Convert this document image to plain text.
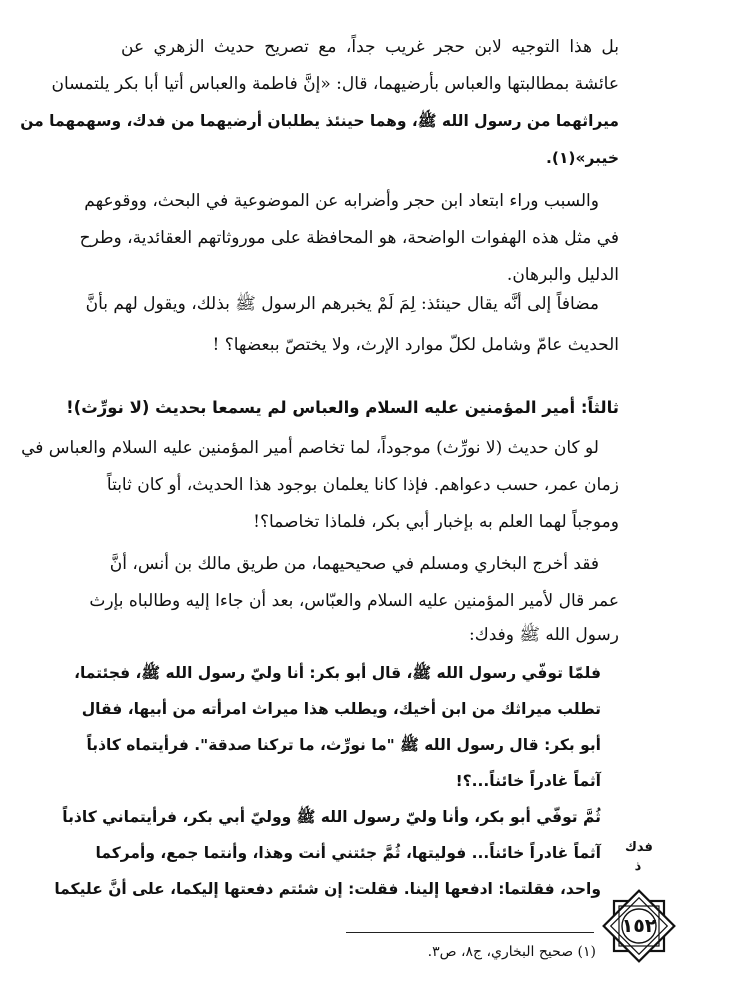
بل هذا التوجيه لابن حجر غريب جداً، مع تصريح حديث الزهري عن
عائشة بمطالبتها والعباس بأرضيهما، قال: «إنَّ فاطمة والعباس أتيا أبا بكر يلتمسان
ميراثهما من رسول الله ﷺ، وهما حينئذ يطلبان أرضيهما من فدك، وسهمهما من
خيبر»(١).
والسبب وراء ابتعاد ابن حجر وأضرابه عن الموضوعية في البحث، ووقوعهم
في مثل هذه الهفوات الواضحة، هو المحافظة على موروثاتهم العقائدية، وطرح
الدليل والبرهان.
مضافاً إلى أنَّه يقال حينئذ: لِمَ لَمْ يخبرهم الرسول ﷺ بذلك، ويقول لهم بأنَّ
الحديث عامّ وشامل لكلّ موارد الإرث، ولا يختصّ ببعضها؟ !
ثالثاً: أمير المؤمنين عليه السلام والعباس لم يسمعا بحديث (لا نورِّث)!
لو كان حديث (لا نورِّث) موجوداً، لما تخاصم أمير المؤمنين عليه السلام والعباس في
زمان عمر، حسب دعواهم. فإذا كانا يعلمان بوجود هذا الحديث، أو كان ثابتاً
وموجباً لهما العلم به بإخبار أبي بكر، فلماذا تخاصما؟!
فقد أخرج البخاري ومسلم في صحيحيهما، من طريق مالك بن أنس، أنَّ
عمر قال لأمير المؤمنين عليه السلام والعبّاس، بعد أن جاءا إليه وطالباه بإرث
رسول الله ﷺ وفدك:
فلمّا توفّي رسول الله ﷺ، قال أبو بكر: أنا وليّ رسول الله ﷺ، فجئتما،
تطلب ميراثك من ابن أخيك، ويطلب هذا ميراث امرأته من أبيها، فقال
أبو بكر: قال رسول الله ﷺ "ما نورِّث، ما تركنا صدقة". فرأيتماه كاذباً
آثماً غادراً خائناً...؟!
ثُمَّ توفّي أبو بكر، وأنا وليّ رسول الله ﷺ ووليّ أبي بكر، فرأيتماني كاذباً
آثماً غادراً خائناً... فوليتها، ثُمَّ جئتني أنت وهذا، وأنتما جمع، وأمركما
واحد، فقلتما: ادفعها إلينا. فقلت: إن شئتم دفعتها إليكما، على أنَّ عليكما
فدك
ذ
١٥٢
(١) صحيح البخاري، ج٨، ص٣.
